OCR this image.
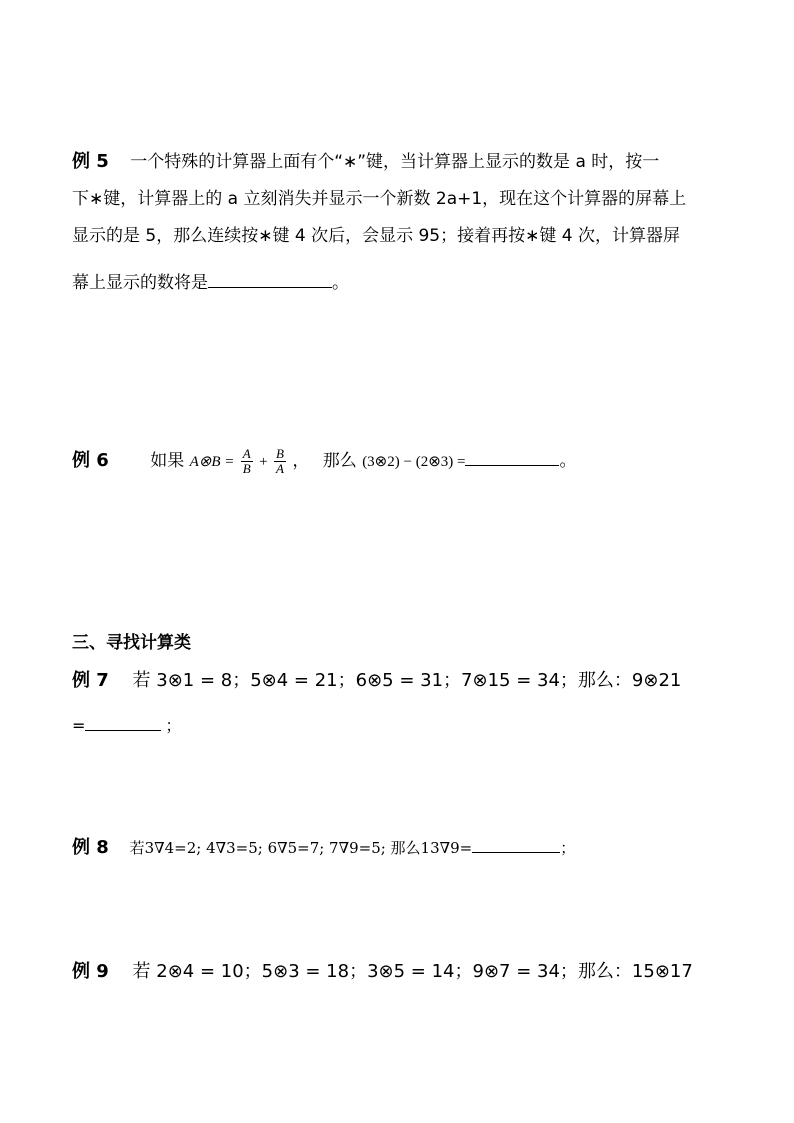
例 5 一个特殊的计算器上面有个“∗”键，当计算器上显示的数是 a 时，按一
下∗键，计算器上的 a 立刻消失并显示一个新数 2a+1，现在这个计算器的屏幕上
显示的是 5，那么连续按∗键 4 次后，会显示 95；接着再按∗键 4 次，计算器屏
幕上显示的数将是	。
例 6 如果 A⊗B = $\frac{A}{B} + \frac{B}{A}$ ， 那么 (3⊗2) − (2⊗3) =	。
三、寻找计算类
例 7 若 3⊗1 = 8；5⊗4 = 21；6⊗5 = 31；7⊗15 = 34；那么：9⊗21
=	；
例 8 若3∇4=2; 4∇3=5; 6∇5=7; 7∇9=5; 那么13∇9=	；
例 9 若 2⊗4 = 10；5⊗3 = 18；3⊗5 = 14；9⊗7 = 34；那么：15⊗17
